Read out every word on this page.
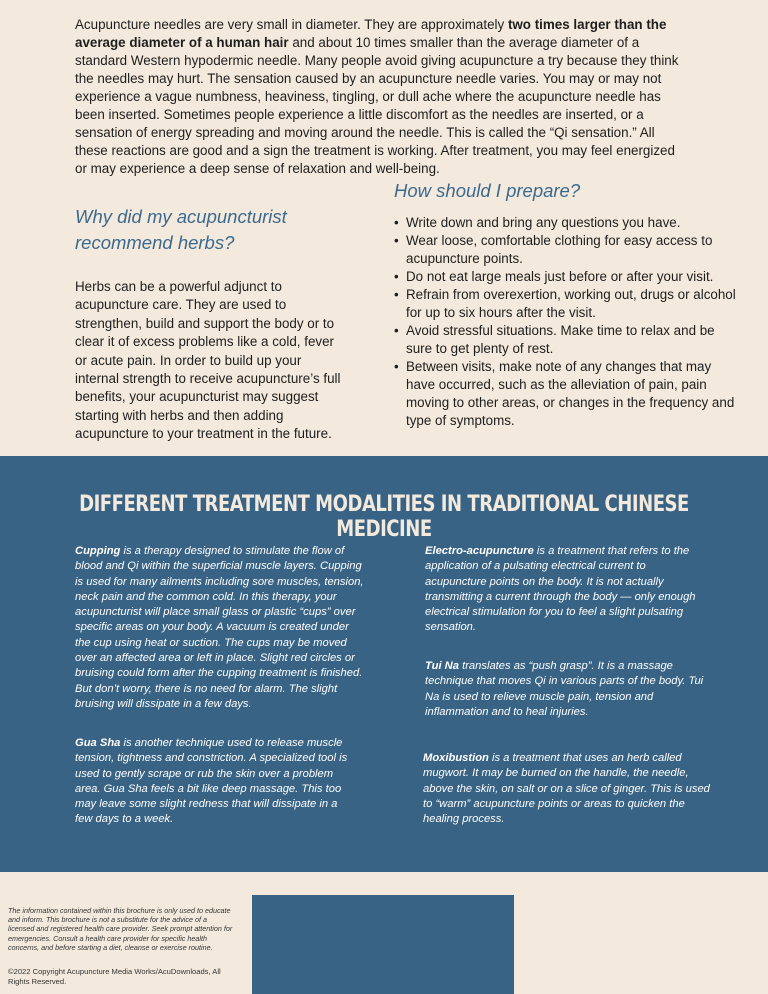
Acupuncture needles are very small in diameter. They are approximately two times larger than the average diameter of a human hair and about 10 times smaller than the average diameter of a standard Western hypodermic needle. Many people avoid giving acupuncture a try because they think the needles may hurt. The sensation caused by an acupuncture needle varies. You may or may not experience a vague numbness, heaviness, tingling, or dull ache where the acupuncture needle has been inserted. Sometimes people experience a little discomfort as the needles are inserted, or a sensation of energy spreading and moving around the needle. This is called the “Qi sensation.” All these reactions are good and a sign the treatment is working. After treatment, you may feel energized or may experience a deep sense of relaxation and well-being.

Why did my acupuncturist recommend herbs?

Herbs can be a powerful adjunct to acupuncture care. They are used to strengthen, build and support the body or to clear it of excess problems like a cold, fever or acute pain. In order to build up your internal strength to receive acupuncture’s full benefits, your acupuncturist may suggest starting with herbs and then adding acupuncture to your treatment in the future.

How should I prepare?
• Write down and bring any questions you have.
• Wear loose, comfortable clothing for easy access to acupuncture points.
• Do not eat large meals just before or after your visit.
• Refrain from overexertion, working out, drugs or alcohol for up to six hours after the visit.
• Avoid stressful situations. Make time to relax and be sure to get plenty of rest.
• Between visits, make note of any changes that may have occurred, such as the alleviation of pain, pain moving to other areas, or changes in the frequency and type of symptoms.
DIFFERENT TREATMENT MODALITIES IN TRADITIONAL CHINESE MEDICINE

Cupping is a therapy designed to stimulate the flow of blood and Qi within the superficial muscle layers. Cupping is used for many ailments including sore muscles, tension, neck pain and the common cold. In this therapy, your acupuncturist will place small glass or plastic “cups” over specific areas on your body. A vacuum is created under the cup using heat or suction. The cups may be moved over an affected area or left in place. Slight red circles or bruising could form after the cupping treatment is finished. But don’t worry, there is no need for alarm. The slight bruising will dissipate in a few days.

Gua Sha is another technique used to release muscle tension, tightness and constriction. A specialized tool is used to gently scrape or rub the skin over a problem area. Gua Sha feels a bit like deep massage. This too may leave some slight redness that will dissipate in a few days to a week.

Electro-acupuncture is a treatment that refers to the application of a pulsating electrical current to acupuncture points on the body. It is not actually transmitting a current through the body — only enough electrical stimulation for you to feel a slight pulsating sensation.

Tui Na translates as “push grasp”. It is a massage technique that moves Qi in various parts of the body. Tui Na is used to relieve muscle pain, tension and inflammation and to heal injuries.

Moxibustion is a treatment that uses an herb called mugwort. It may be burned on the handle, the needle, above the skin, on salt or on a slice of ginger. This is used to “warm” acupuncture points or areas to quicken the healing process.

The information contained within this brochure is only used to educate and inform. This brochure is not a substitute for the advice of a licensed and registered health care provider. Seek prompt attention for emergencies. Consult a health care provider for specific health concerns, and before starting a diet, cleanse or exercise routine.

©2022 Copyright Acupuncture Media Works/AcuDownloads, All Rights Reserved.
